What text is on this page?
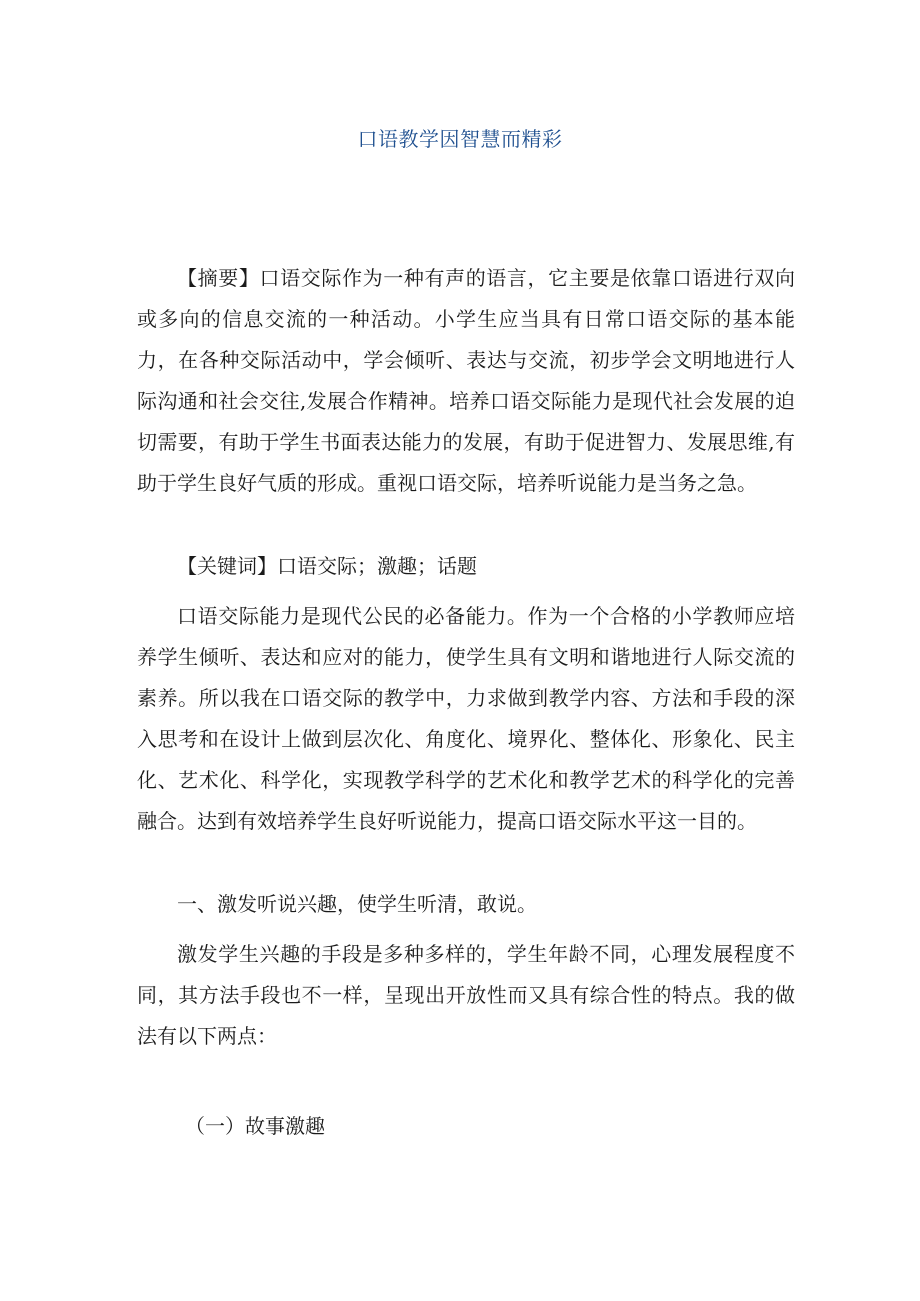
口语教学因智慧而精彩
【摘要】口语交际作为一种有声的语言，它主要是依靠口语进行双向或多向的信息交流的一种活动。小学生应当具有日常口语交际的基本能力，在各种交际活动中，学会倾听、表达与交流，初步学会文明地进行人际沟通和社会交往,发展合作精神。培养口语交际能力是现代社会发展的迫切需要，有助于学生书面表达能力的发展，有助于促进智力、发展思维,有助于学生良好气质的形成。重视口语交际，培养听说能力是当务之急。
【关键词】口语交际；激趣；话题
口语交际能力是现代公民的必备能力。作为一个合格的小学教师应培养学生倾听、表达和应对的能力，使学生具有文明和谐地进行人际交流的素养。所以我在口语交际的教学中，力求做到教学内容、方法和手段的深入思考和在设计上做到层次化、角度化、境界化、整体化、形象化、民主化、艺术化、科学化，实现教学科学的艺术化和教学艺术的科学化的完善融合。达到有效培养学生良好听说能力，提高口语交际水平这一目的。
一、激发听说兴趣，使学生听清，敢说。
激发学生兴趣的手段是多种多样的，学生年龄不同，心理发展程度不同，其方法手段也不一样，呈现出开放性而又具有综合性的特点。我的做法有以下两点：
（一）故事激趣
